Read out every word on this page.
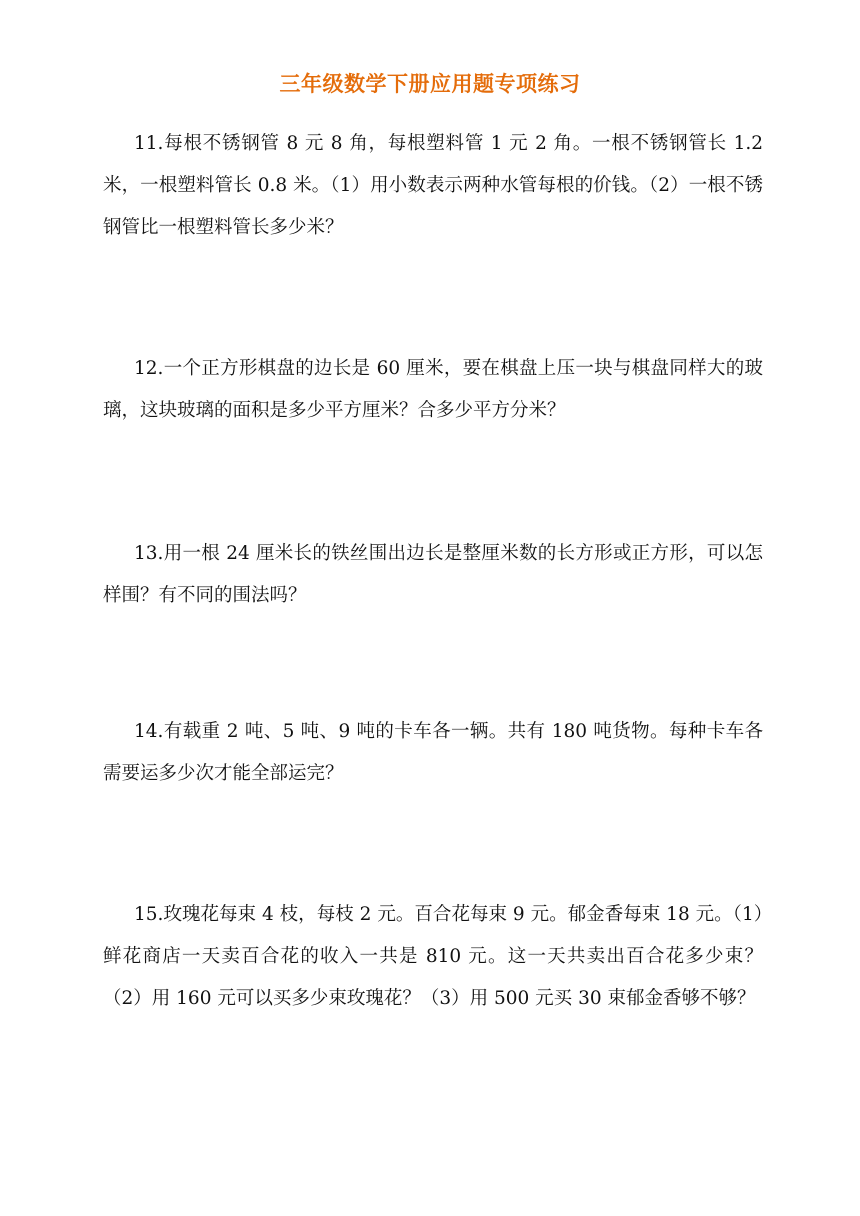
三年级数学下册应用题专项练习

11.每根不锈钢管 8 元 8 角，每根塑料管 1 元 2 角。一根不锈钢管长 1.2 米，一根塑料管长 0.8 米。（1）用小数表示两种水管每根的价钱。（2）一根不锈钢管比一根塑料管长多少米？

12.一个正方形棋盘的边长是 60 厘米，要在棋盘上压一块与棋盘同样大的玻璃，这块玻璃的面积是多少平方厘米？合多少平方分米？

13.用一根 24 厘米长的铁丝围出边长是整厘米数的长方形或正方形，可以怎样围？有不同的围法吗？

14.有载重 2 吨、5 吨、9 吨的卡车各一辆。共有 180 吨货物。每种卡车各需要运多少次才能全部运完？

15.玫瑰花每束 4 枝，每枝 2 元。百合花每束 9 元。郁金香每束 18 元。（1）鲜花商店一天卖百合花的收入一共是 810 元。这一天共卖出百合花多少束？（2）用 160 元可以买多少束玫瑰花？（3）用 500 元买 30 束郁金香够不够？
